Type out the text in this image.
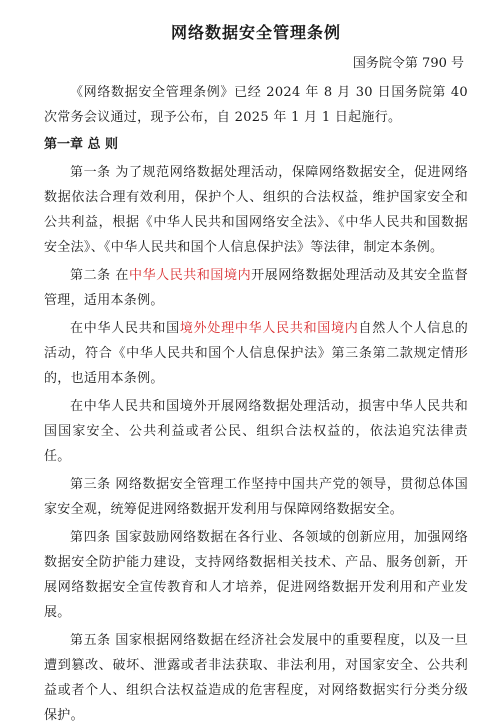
网络数据安全管理条例

国务院令第 790 号

《网络数据安全管理条例》已经 2024 年 8 月 30 日国务院第 40 次常务会议通过，现予公布，自 2025 年 1 月 1 日起施行。

第一章 总 则

第一条 为了规范网络数据处理活动，保障网络数据安全，促进网络数据依法合理有效利用，保护个人、组织的合法权益，维护国家安全和公共利益，根据《中华人民共和国网络安全法》、《中华人民共和国数据安全法》、《中华人民共和国个人信息保护法》等法律，制定本条例。

第二条 在中华人民共和国境内开展网络数据处理活动及其安全监督管理，适用本条例。

在中华人民共和国境外处理中华人民共和国境内自然人个人信息的活动，符合《中华人民共和国个人信息保护法》第三条第二款规定情形的，也适用本条例。

在中华人民共和国境外开展网络数据处理活动，损害中华人民共和国国家安全、公共利益或者公民、组织合法权益的，依法追究法律责任。

第三条 网络数据安全管理工作坚持中国共产党的领导，贯彻总体国家安全观，统筹促进网络数据开发利用与保障网络数据安全。

第四条 国家鼓励网络数据在各行业、各领域的创新应用，加强网络数据安全防护能力建设，支持网络数据相关技术、产品、服务创新，开展网络数据安全宣传教育和人才培养，促进网络数据开发利用和产业发展。

第五条 国家根据网络数据在经济社会发展中的重要程度，以及一旦遭到篡改、破坏、泄露或者非法获取、非法利用，对国家安全、公共利益或者个人、组织合法权益造成的危害程度，对网络数据实行分类分级保护。
